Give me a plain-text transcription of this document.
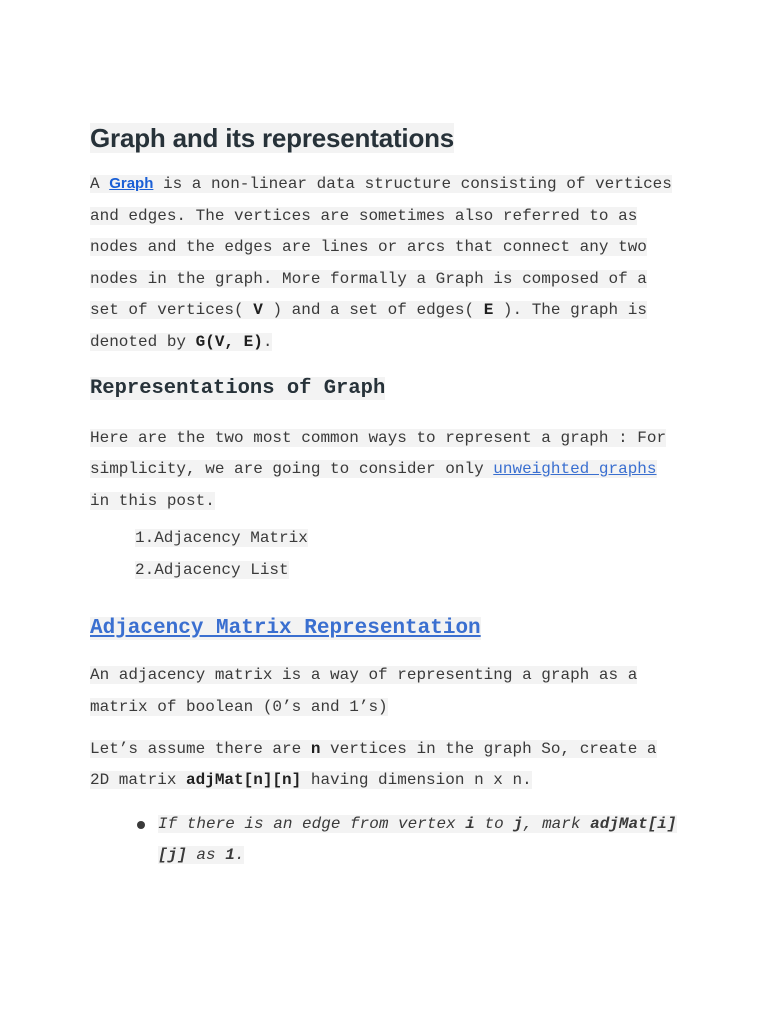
Graph and its representations

A Graph is a non-linear data structure consisting of vertices and edges. The vertices are sometimes also referred to as nodes and the edges are lines or arcs that connect any two nodes in the graph. More formally a Graph is composed of a set of vertices( V ) and a set of edges( E ). The graph is denoted by G(V, E).

Representations of Graph

Here are the two most common ways to represent a graph : For simplicity, we are going to consider only unweighted graphs in this post.

1.Adjacency Matrix
2.Adjacency List
Adjacency Matrix Representation

An adjacency matrix is a way of representing a graph as a matrix of boolean (0’s and 1’s)

Let’s assume there are n vertices in the graph So, create a 2D matrix adjMat[n][n] having dimension n x n.

If there is an edge from vertex i to j, mark adjMat[i][j] as 1.
